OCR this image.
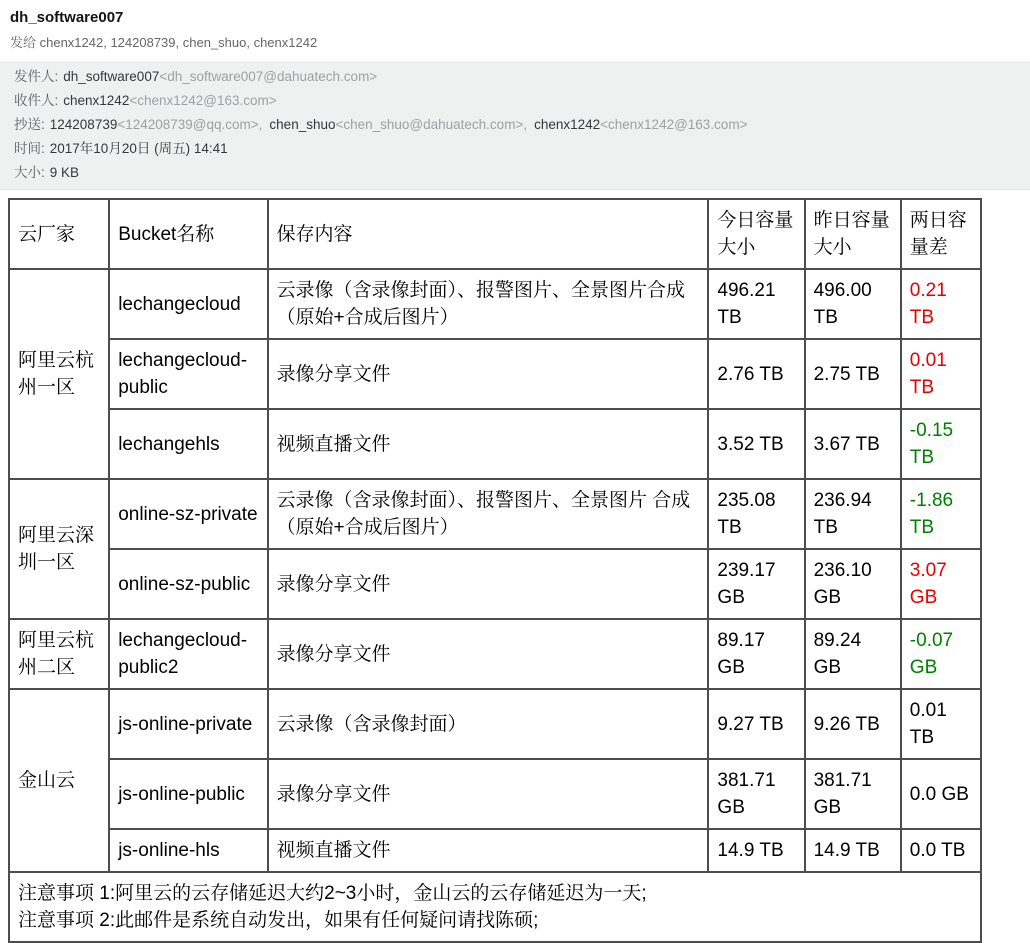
dh_software007
发给 chenx1242, 124208739, chen_shuo, chenx1242
发件人: dh_software007<dh_software007@dahuatech.com>
收件人: chenx1242<chenx1242@163.com>
抄送: 124208739<124208739@qq.com>, chen_shuo<chen_shuo@dahuatech.com>, chenx1242<chenx1242@163.com>
时间: 2017年10月20日 (周五) 14:41
大小: 9 KB
云厂家	Bucket名称	保存内容	今日容量大小	昨日容量大小	两日容量差
阿里云杭州一区	lechangecloud	云录像（含录像封面）、报警图片、全景图片合成（原始+合成后图片）	496.21 TB	496.00 TB	0.21 TB
	lechangecloud-public	录像分享文件	2.76 TB	2.75 TB	0.01 TB
	lechangehls	视频直播文件	3.52 TB	3.67 TB	-0.15 TB
阿里云深圳一区	online-sz-private	云录像（含录像封面）、报警图片、全景图片 合成（原始+合成后图片）	235.08 TB	236.94 TB	-1.86 TB
	online-sz-public	录像分享文件	239.17 GB	236.10 GB	3.07 GB
阿里云杭州二区	lechangecloud-public2	录像分享文件	89.17 GB	89.24 GB	-0.07 GB
金山云	js-online-private	云录像（含录像封面）	9.27 TB	9.26 TB	0.01 TB
	js-online-public	录像分享文件	381.71 GB	381.71 GB	0.0 GB
	js-online-hls	视频直播文件	14.9 TB	14.9 TB	0.0 TB

注意事项 1:阿里云的云存储延迟大约2~3小时，金山云的云存储延迟为一天;
注意事项 2:此邮件是系统自动发出，如果有任何疑问请找陈硕;					
